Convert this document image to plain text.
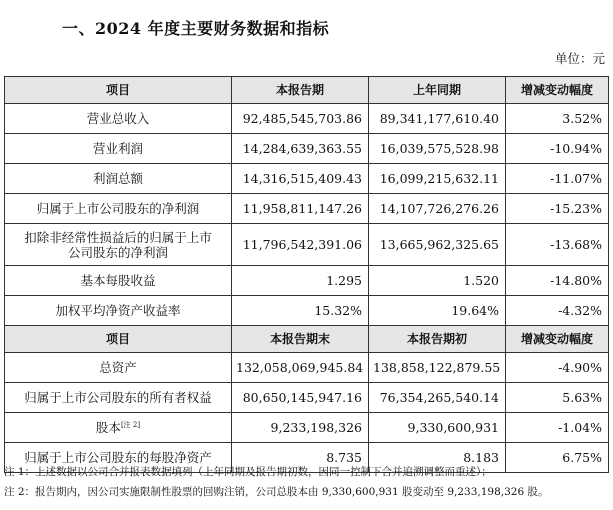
一、2024 年度主要财务数据和指标
单位：元
项目	本报告期	上年同期	增减变动幅度
营业总收入	92,485,545,703.86	89,341,177,610.40	3.52%
营业利润	14,284,639,363.55	16,039,575,528.98	-10.94%
利润总额	14,316,515,409.43	16,099,215,632.11	-11.07%
归属于上市公司股东的净利润	11,958,811,147.26	14,107,726,276.26	-15.23%
扣除非经常性损益后的归属于上市
公司股东的净利润	11,796,542,391.06	13,665,962,325.65	-13.68%
基本每股收益	1.295	1.520	-14.80%
加权平均净资产收益率	15.32%	19.64%	-4.32%
项目	本报告期末	本报告期初	增减变动幅度
总资产	132,058,069,945.84	138,858,122,879.55	-4.90%
归属于上市公司股东的所有者权益	80,650,145,947.16	76,354,265,540.14	5.63%
股本[注 2]	9,233,198,326	9,330,600,931	-1.04%
归属于上市公司股东的每股净资产	8.735	8.183	6.75%
注 1：上述数据以公司合并报表数据填列（上年同期及报告期初数，因同一控制下合并追溯调整而重述）；
注 2：报告期内，因公司实施限制性股票的回购注销，公司总股本由 9,330,600,931 股变动至 9,233,198,326 股。
